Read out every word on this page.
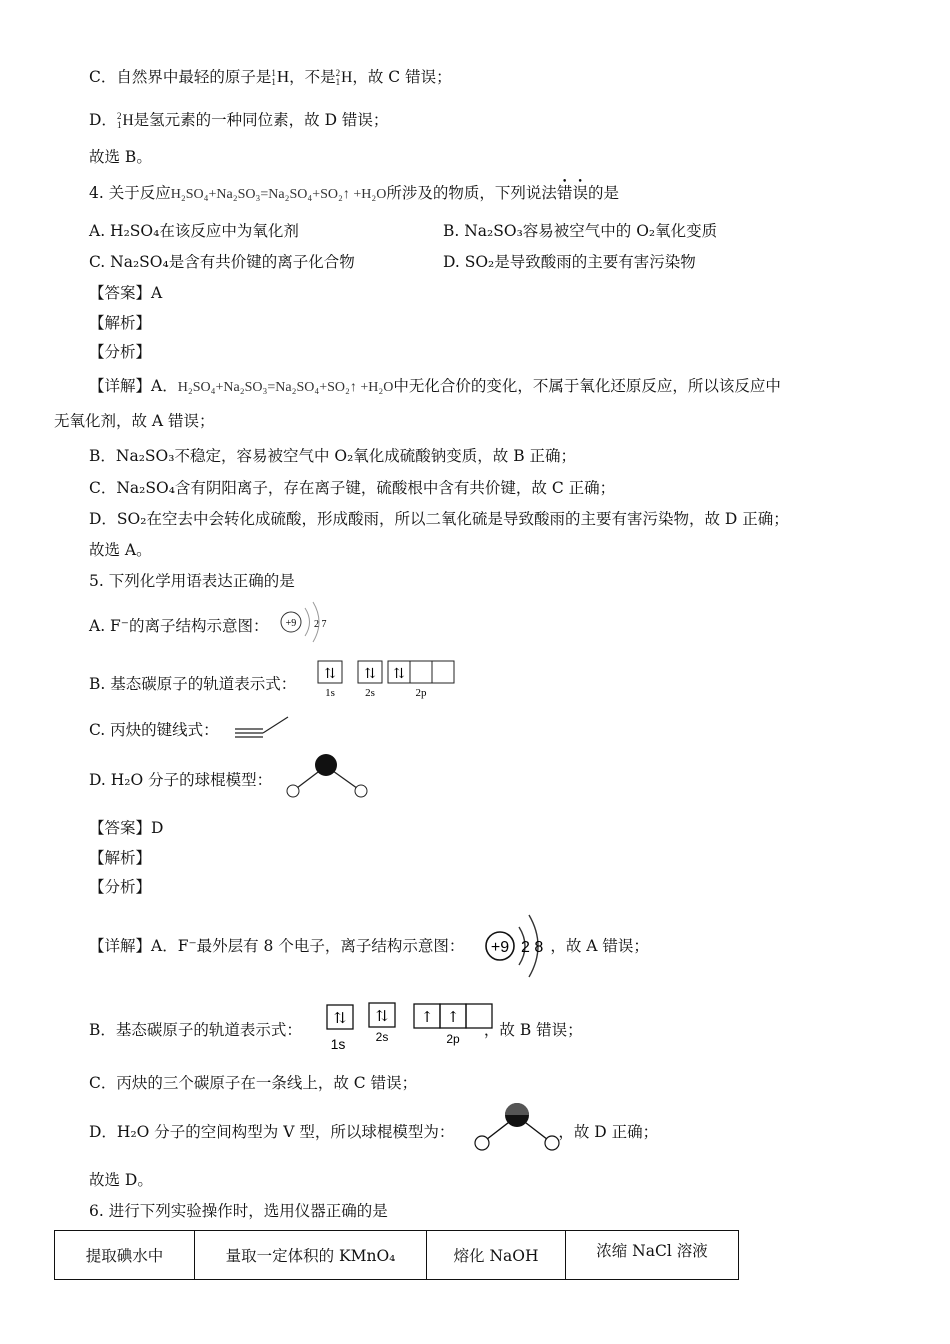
C．自然界中最轻的原子是 1
1 H，不是 2
1 H，故 C 错误；
D． 2
1 H是氢元素的一种同位素，故 D 错误；
故选 B。
4. 关于反应H₂SO₄+Na₂SO₃=Na₂SO₄+SO₂↑ +H₂O所涉及的物质，下列说法错误的是
A. H₂SO₄在该反应中为氧化剂	B. Na₂SO₃容易被空气中的 O₂氧化变质
C. Na₂SO₄是含有共价键的离子化合物	D. SO₂是导致酸雨的主要有害污染物
【答案】A
【解析】
【分析】
【详解】A．H₂SO₄+Na₂SO₃=Na₂SO₄+SO₂↑ +H₂O中无化合价的变化，不属于氧化还原反应，所以该反应中
无氧化剂，故 A 错误；
B．Na₂SO₃不稳定，容易被空气中 O₂氧化成硫酸钠变质，故 B 正确；
C．Na₂SO₄含有阴阳离子，存在离子键，硫酸根中含有共价键，故 C 正确；
D．SO₂在空去中会转化成硫酸，形成酸雨，所以二氧化硫是导致酸雨的主要有害污染物，故 D 正确；
故选 A。
5. 下列化学用语表达正确的是
A. F⁻的离子结构示意图： +9 2 7
B. 基态碳原子的轨道表示式：
⇅ ⇅ ⇅
1s	2s	2p
C. 丙炔的键线式：
D. H₂O 分子的球棍模型：
【答案】D
【解析】
【分析】
【详解】A．F⁻最外层有 8 个电子，离子结构示意图：	，故 A 错误；
+9 2 8
B．基态碳原子的轨道表示式：	，故 B 错误；
⇅ ⇅ ↑ ↑
1s	2s	2p
C．丙炔的三个碳原子在一条线上，故 C 错误；
D．H₂O 分子的空间构型为 V 型，所以球棍模型为：	，故 D 正确；
故选 D。
6. 进行下列实验操作时，选用仪器正确的是
提取碘水中	量取一定体积的 KMnO₄	熔化 NaOH	浓缩 NaCl 溶液
